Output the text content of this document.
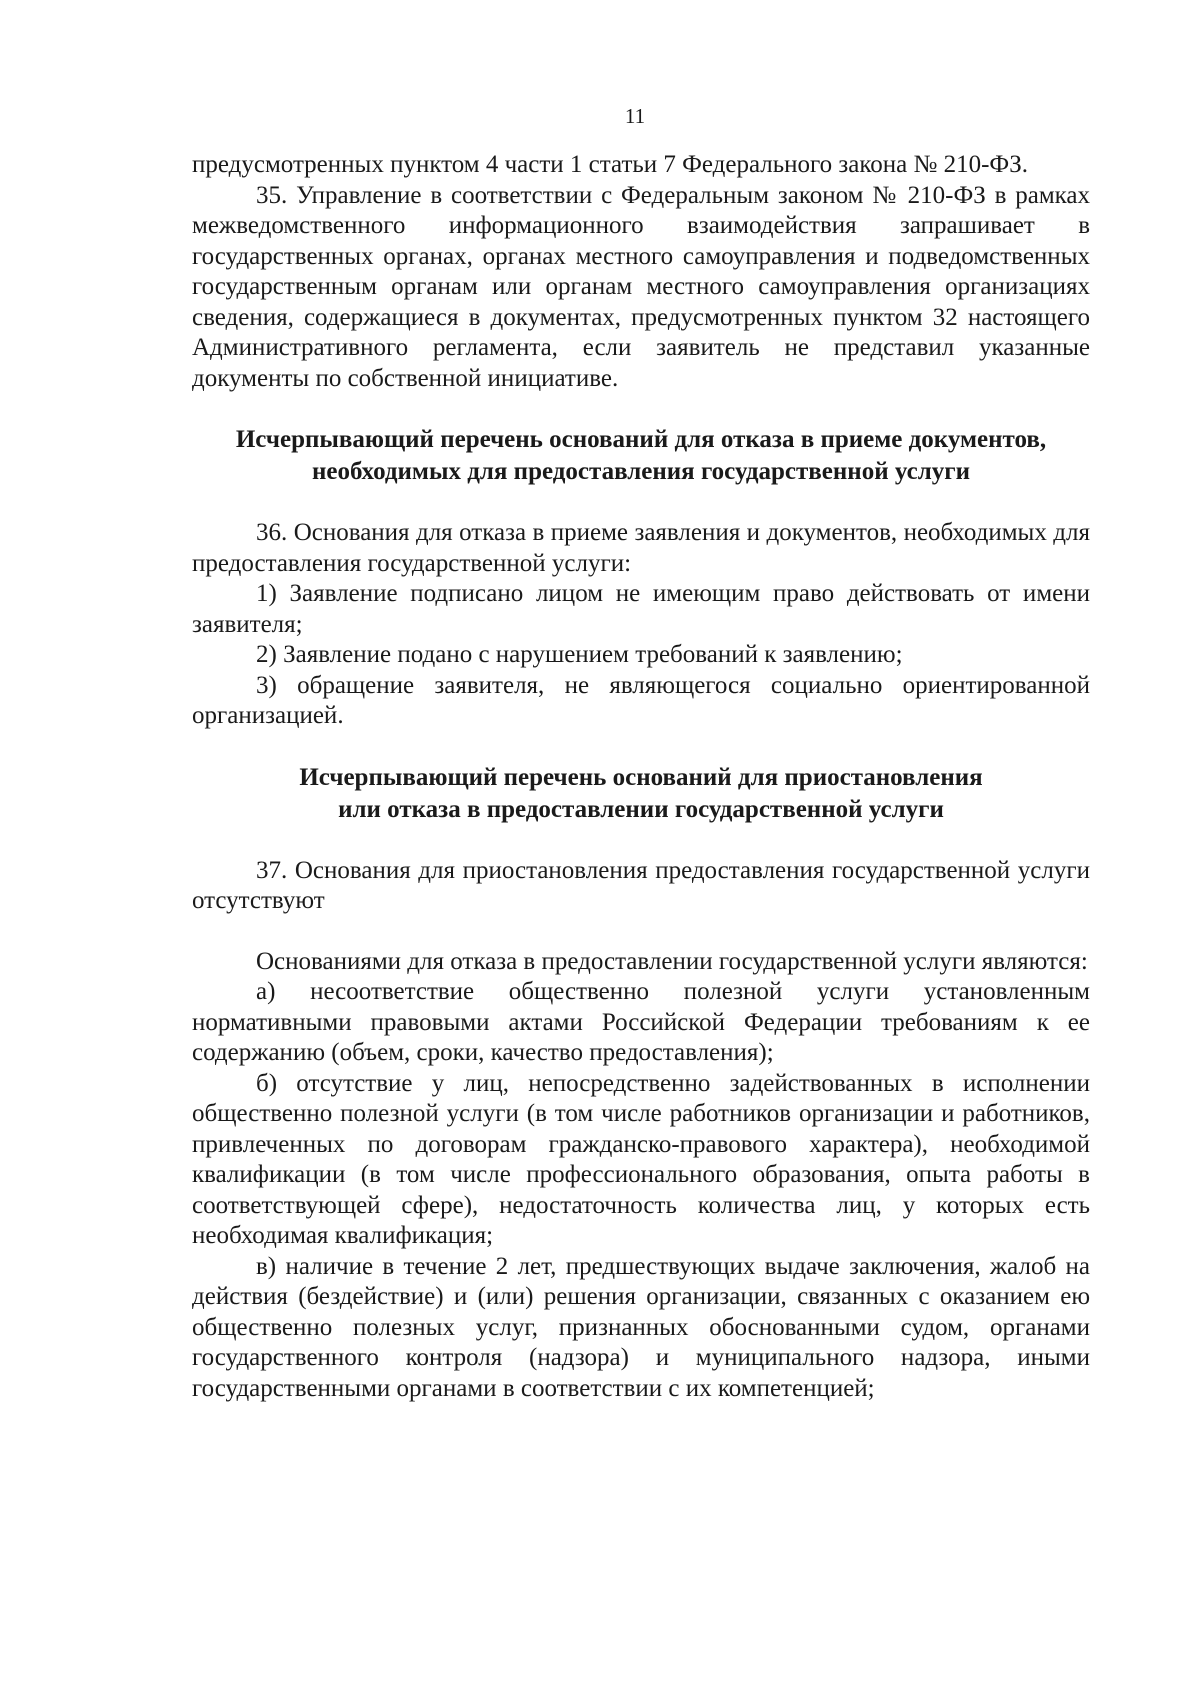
11

предусмотренных пунктом 4 части 1 статьи 7 Федерального закона № 210-ФЗ.

35. Управление в соответствии с Федеральным законом № 210-ФЗ в рамках межведомственного информационного взаимодействия запрашивает в государственных органах, органах местного самоуправления и подведомственных государственным органам или органам местного самоуправления организациях сведения, содержащиеся в документах, предусмотренных пунктом 32 настоящего Административного регламента, если заявитель не представил указанные документы по собственной инициативе.

Исчерпывающий перечень оснований для отказа в приеме документов,
необходимых для предоставления государственной услуги

36. Основания для отказа в приеме заявления и документов, необходимых для предоставления государственной услуги:

1) Заявление подписано лицом не имеющим право действовать от имени заявителя;

2) Заявление подано с нарушением требований к заявлению;

3) обращение заявителя, не являющегося социально ориентированной организацией.

Исчерпывающий перечень оснований для приостановления
или отказа в предоставлении государственной услуги

37. Основания для приостановления предоставления государственной услуги отсутствуют

Основаниями для отказа в предоставлении государственной услуги являются:

а) несоответствие общественно полезной услуги установленным нормативными правовыми актами Российской Федерации требованиям к ее содержанию (объем, сроки, качество предоставления);

б) отсутствие у лиц, непосредственно задействованных в исполнении общественно полезной услуги (в том числе работников организации и работников, привлеченных по договорам гражданско-правового характера), необходимой квалификации (в том числе профессионального образования, опыта работы в соответствующей сфере), недостаточность количества лиц, у которых есть необходимая квалификация;

в) наличие в течение 2 лет, предшествующих выдаче заключения, жалоб на действия (бездействие) и (или) решения организации, связанных с оказанием ею общественно полезных услуг, признанных обоснованными судом, органами государственного контроля (надзора) и муниципального надзора, иными государственными органами в соответствии с их компетенцией;
